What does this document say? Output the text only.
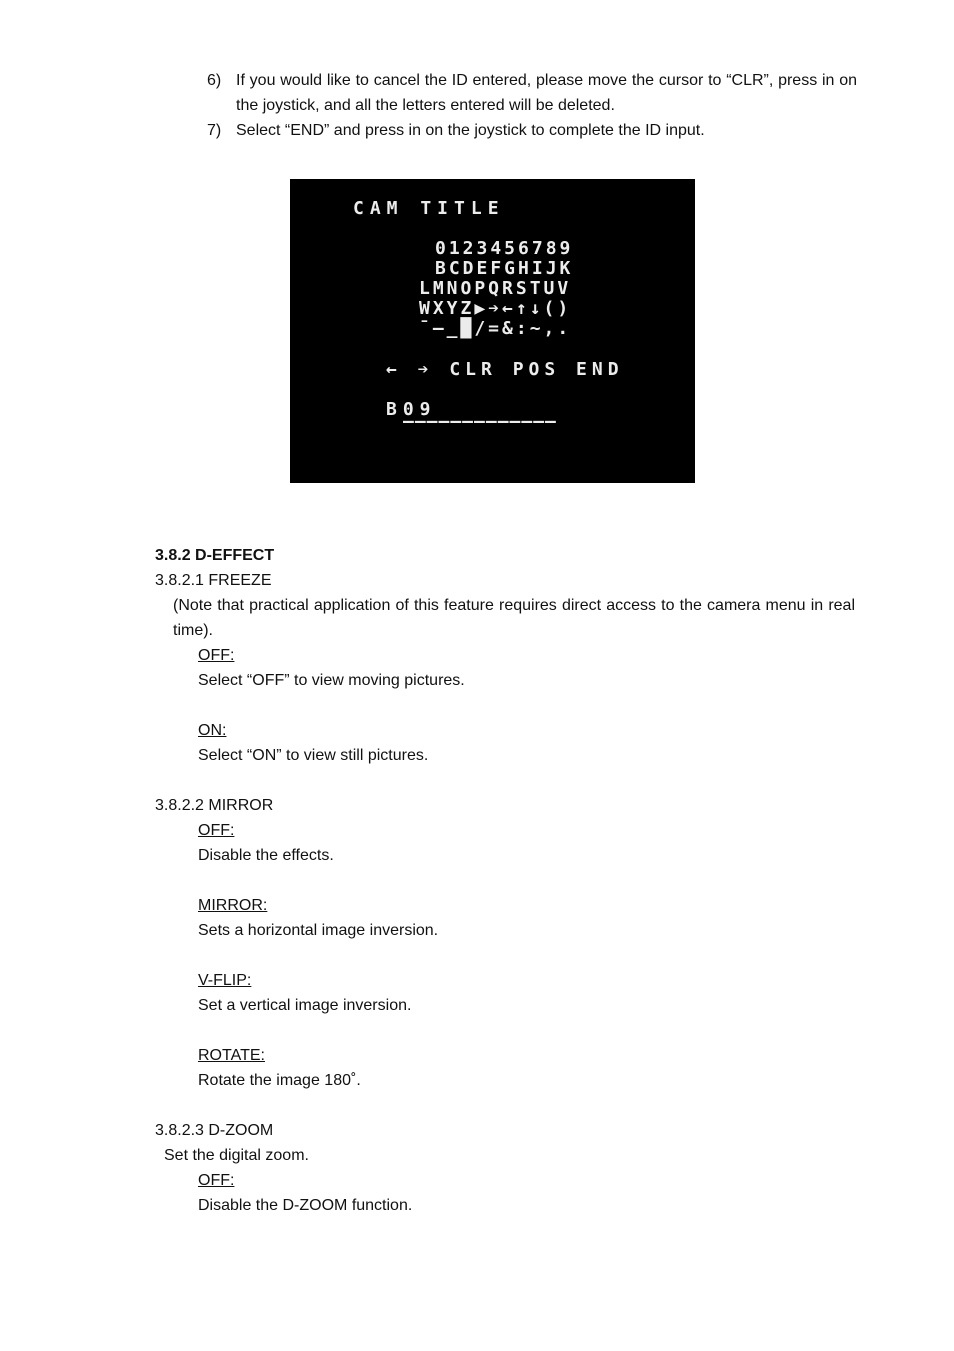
6) If you would like to cancel the ID entered, please move the cursor to “CLR”, press in on the joystick, and all the letters entered will be deleted.
7) Select “END” and press in on the joystick to complete the ID input.
CAM TITLE
0123456789
BCDEFGHIJK
LMNOPQRSTUV
WXYZ▶➔←↑↓()
¯–_█/=&:~,.
← ➔ CLR POS END
B09
–––––––––––––

3.8.2 D-EFFECT

3.8.2.1 FREEZE

(Note that practical application of this feature requires direct access to the camera menu in real time).

OFF:

Select “OFF” to view moving pictures.

ON:

Select “ON” to view still pictures.

3.8.2.2 MIRROR

OFF:

Disable the effects.

MIRROR:

Sets a horizontal image inversion.

V-FLIP:

Set a vertical image inversion.

ROTATE:

Rotate the image 180˚.

3.8.2.3 D-ZOOM

Set the digital zoom.

OFF:

Disable the D-ZOOM function.
